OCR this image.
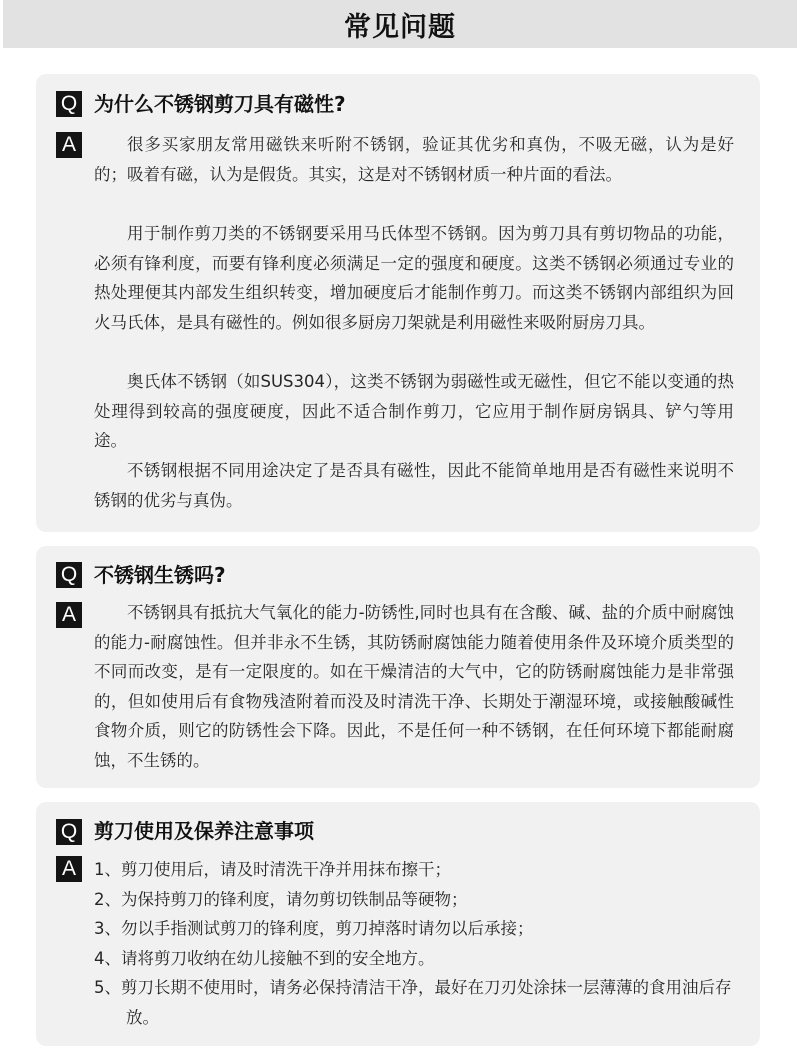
常见问题
Q 为什么不锈钢剪刀具有磁性?
A	很多买家朋友常用磁铁来听附不锈钢，验证其优劣和真伪，不吸无磁，认为是好的；吸着有磁，认为是假货。其实，这是对不锈钢材质一种片面的看法。

用于制作剪刀类的不锈钢要采用马氏体型不锈钢。因为剪刀具有剪切物品的功能，必须有锋利度，而要有锋利度必须满足一定的强度和硬度。这类不锈钢必须通过专业的热处理便其内部发生组织转变，增加硬度后才能制作剪刀。而这类不锈钢内部组织为回火马氏体，是具有磁性的。例如很多厨房刀架就是利用磁性来吸附厨房刀具。

奥氏体不锈钢（如SUS304），这类不锈钢为弱磁性或无磁性，但它不能以变通的热处理得到较高的强度硬度，因此不适合制作剪刀，它应用于制作厨房锅具、铲勺等用途。

不锈钢根据不同用途决定了是否具有磁性，因此不能简单地用是否有磁性来说明不锈钢的优劣与真伪。

Q 不锈钢生锈吗?
A	不锈钢具有抵抗大气氧化的能力-防锈性,同时也具有在含酸、碱、盐的介质中耐腐蚀的能力-耐腐蚀性。但并非永不生锈，其防锈耐腐蚀能力随着使用条件及环境介质类型的不同而改变，是有一定限度的。如在干燥清洁的大气中，它的防锈耐腐蚀能力是非常强的，但如使用后有食物残渣附着而没及时清洗干净、长期处于潮湿环境，或接触酸碱性食物介质，则它的防锈性会下降。因此，不是任何一种不锈钢，在任何环境下都能耐腐蚀，不生锈的。

Q 剪刀使用及保养注意事项
A	1、剪刀使用后，请及时清洗干净并用抹布擦干；

2、为保持剪刀的锋利度，请勿剪切铁制品等硬物；

3、勿以手指测试剪刀的锋利度，剪刀掉落时请勿以后承接；

4、请将剪刀收纳在幼儿接触不到的安全地方。

5、剪刀长期不使用时，请务必保持清洁干净，最好在刀刃处涂抹一层薄薄的食用油后存放。
